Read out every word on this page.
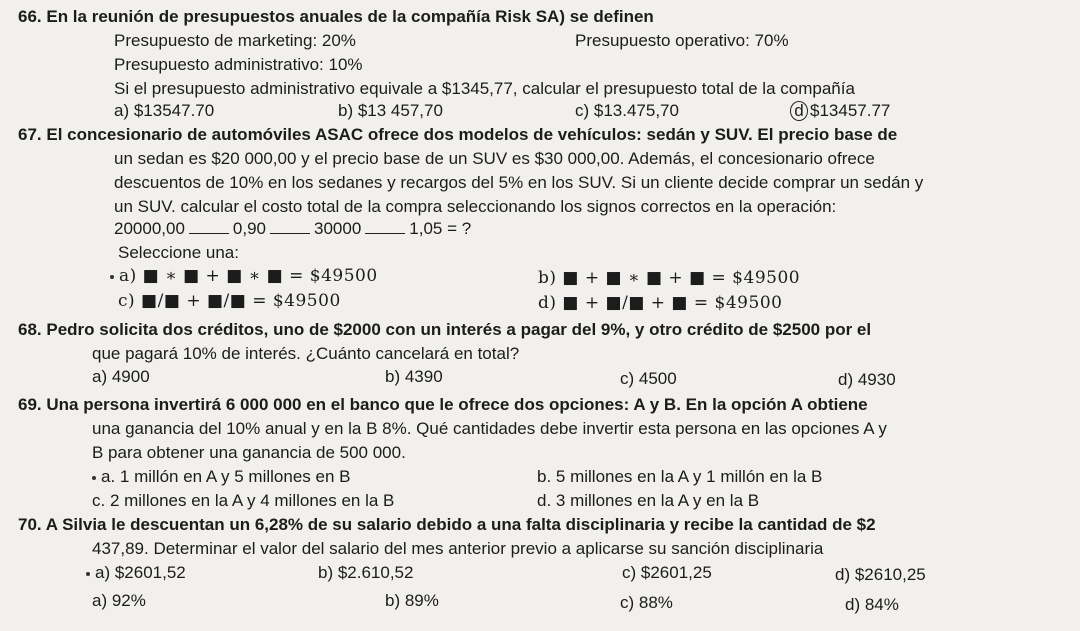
66. En la reunión de presupuestos anuales de la compañía Risk SA) se definen
Presupuesto de marketing: 20%	Presupuesto operativo: 70%
Presupuesto administrativo: 10%
Si el presupuesto administrativo equivale a $1345,77, calcular el presupuesto total de la compañía
a) $13547.70	b) $13 457,70	c) $13.475,70	d $13457.77
67. El concesionario de automóviles ASAC ofrece dos modelos de vehículos: sedán y SUV. El precio base de
un sedan es $20 000,00 y el precio base de un SUV es $30 000,00. Además, el concesionario ofrece
descuentos de 10% en los sedanes y recargos del 5% en los SUV. Si un cliente decide comprar un sedán y
un SUV. calcular el costo total de la compra seleccionando los signos correctos en la operación:
20000,00	0,90	30000	1,05 = ?
Seleccione una:
a) ■ ∗ ■ + ■ ∗ ■ = $49500	b) ■ + ■ ∗ ■ + ■ = $49500
c) ■/■ + ■/■ = $49500	d) ■ + ■/■ + ■ = $49500
68. Pedro solicita dos créditos, uno de $2000 con un interés a pagar del 9%, y otro crédito de $2500 por el
que pagará 10% de interés. ¿Cuánto cancelará en total?
a) 4900	b) 4390	c) 4500	d) 4930
69. Una persona invertirá 6 000 000 en el banco que le ofrece dos opciones: A y B. En la opción A obtiene
una ganancia del 10% anual y en la B 8%. Qué cantidades debe invertir esta persona en las opciones A y
B para obtener una ganancia de 500 000.
a. 1 millón en A y 5 millones en B	b. 5 millones en la A y 1 millón en la B
c. 2 millones en la A y 4 millones en la B	d. 3 millones en la A y en la B
70. A Silvia le descuentan un 6,28% de su salario debido a una falta disciplinaria y recibe la cantidad de $2
437,89. Determinar el valor del salario del mes anterior previo a aplicarse su sanción disciplinaria
a) $2601,52	b) $2.610,52	c) $2601,25	d) $2610,25
a) 92%	b) 89%	c) 88%	d) 84%
